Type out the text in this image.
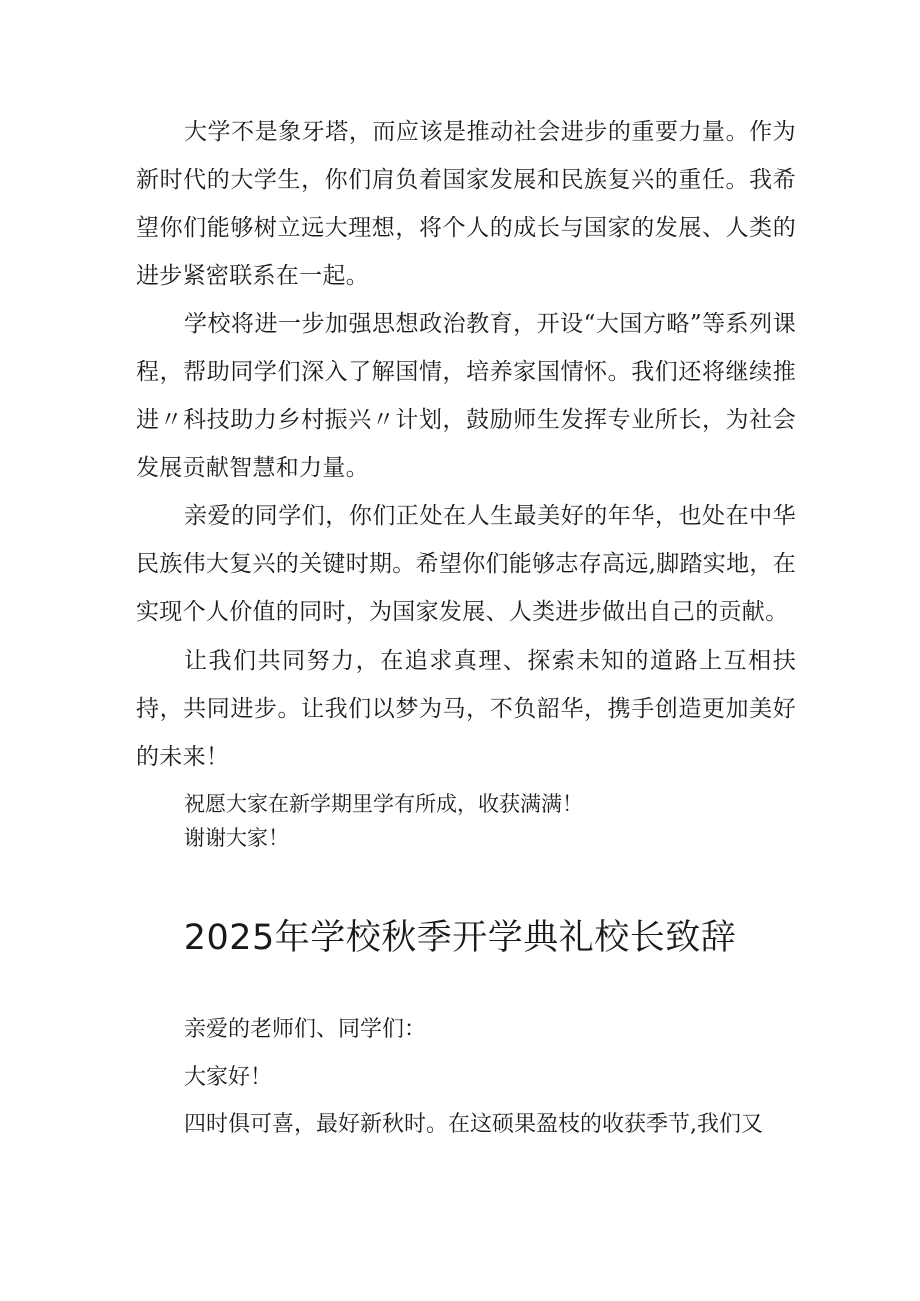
大学不是象牙塔，而应该是推动社会进步的重要力量。作为新时代的大学生，你们肩负着国家发展和民族复兴的重任。我希望你们能够树立远大理想，将个人的成长与国家的发展、人类的进步紧密联系在一起。

学校将进一步加强思想政治教育，开设“大国方略”等系列课程，帮助同学们深入了解国情，培养家国情怀。我们还将继续推进〃科技助力乡村振兴〃计划，鼓励师生发挥专业所长，为社会发展贡献智慧和力量。

亲爱的同学们，你们正处在人生最美好的年华，也处在中华民族伟大复兴的关键时期。希望你们能够志存高远,脚踏实地，在实现个人价值的同时，为国家发展、人类进步做出自己的贡献。

让我们共同努力，在追求真理、探索未知的道路上互相扶持，共同进步。让我们以梦为马，不负韶华，携手创造更加美好的未来！

祝愿大家在新学期里学有所成，收获满满！

谢谢大家！

2025年学校秋季开学典礼校长致辞

亲爱的老师们、同学们：

大家好！

四时俱可喜，最好新秋时。在这硕果盈枝的收获季节,我们又
